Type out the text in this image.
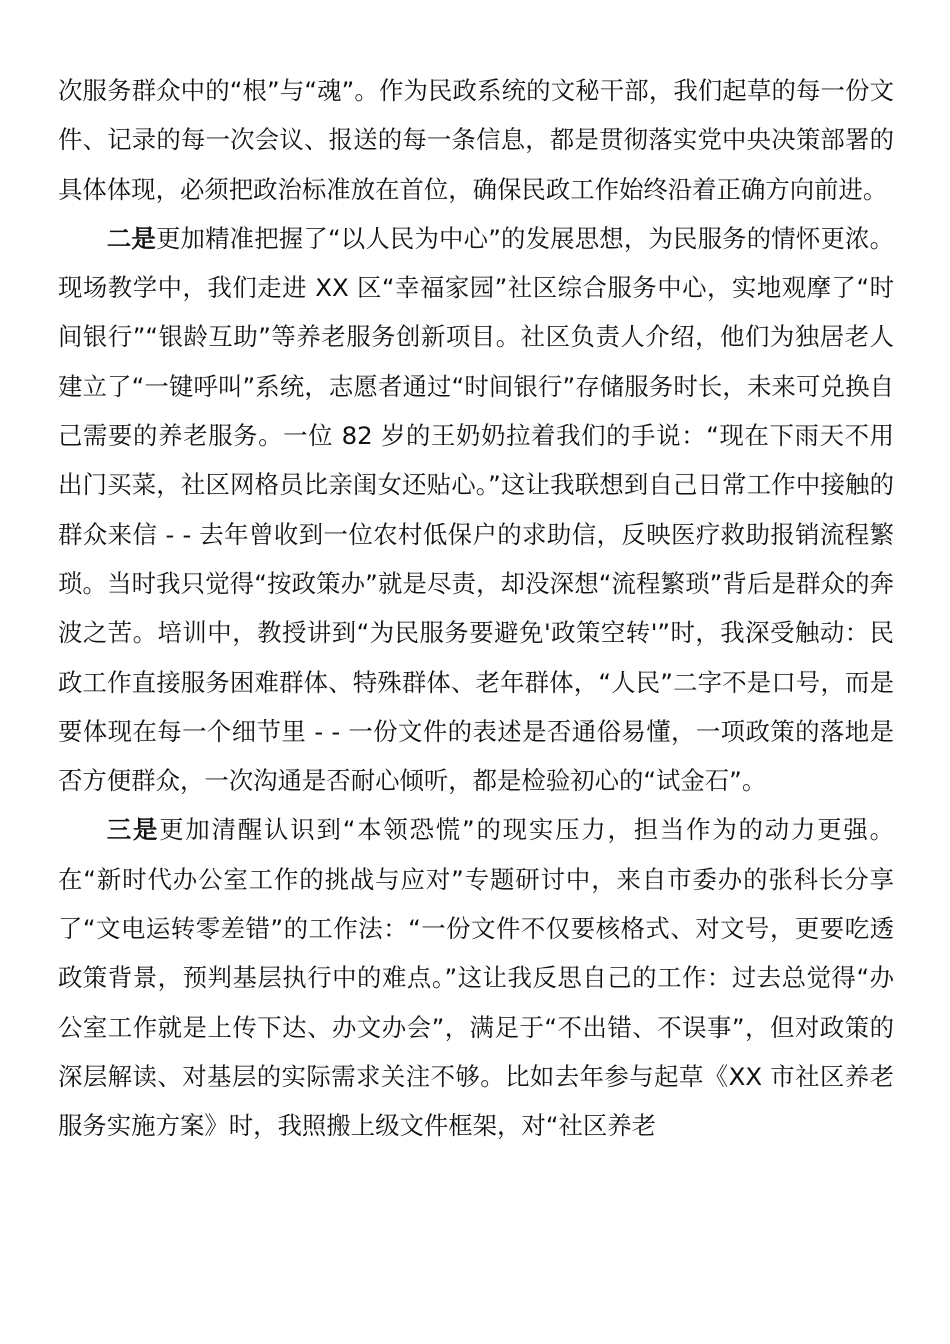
次服务群众中的“根”与“魂”。作为民政系统的文秘干部，我们起草的每一份文件、记录的每一次会议、报送的每一条信息，都是贯彻落实党中央决策部署的具体体现，必须把政治标准放在首位，确保民政工作始终沿着正确方向前进。

二是更加精准把握了“以人民为中心”的发展思想，为民服务的情怀更浓。现场教学中，我们走进 XX 区“幸福家园”社区综合服务中心，实地观摩了“时间银行”“银龄互助”等养老服务创新项目。社区负责人介绍，他们为独居老人建立了“一键呼叫”系统，志愿者通过“时间银行”存储服务时长，未来可兑换自己需要的养老服务。一位 82 岁的王奶奶拉着我们的手说：“现在下雨天不用出门买菜，社区网格员比亲闺女还贴心。”这让我联想到自己日常工作中接触的群众来信 - - 去年曾收到一位农村低保户的求助信，反映医疗救助报销流程繁琐。当时我只觉得“按政策办”就是尽责，却没深想“流程繁琐”背后是群众的奔波之苦。培训中，教授讲到“为民服务要避免'政策空转'”时，我深受触动：民政工作直接服务困难群体、特殊群体、老年群体，“人民”二字不是口号，而是要体现在每一个细节里 - - 一份文件的表述是否通俗易懂，一项政策的落地是否方便群众，一次沟通是否耐心倾听，都是检验初心的“试金石”。

三是更加清醒认识到“本领恐慌”的现实压力，担当作为的动力更强。在“新时代办公室工作的挑战与应对”专题研讨中，来自市委办的张科长分享了“文电运转零差错”的工作法：“一份文件不仅要核格式、对文号，更要吃透政策背景，预判基层执行中的难点。”这让我反思自己的工作：过去总觉得“办公室工作就是上传下达、办文办会”，满足于“不出错、不误事”，但对政策的深层解读、对基层的实际需求关注不够。比如去年参与起草《XX 市社区养老服务实施方案》时，我照搬上级文件框架，对“社区养老
